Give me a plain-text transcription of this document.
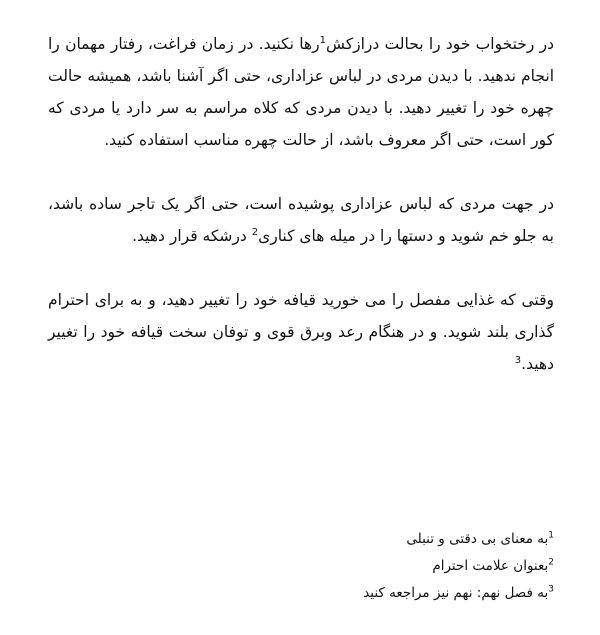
در رختخواب خود را بحالت درازکش$^1$رها نکنید. در زمان فراغت، رفتار مهمان را انجام ندهید. با دیدن مردی در لباس عزاداری، حتی اگر آشنا باشد، همیشه حالت چهره خود را تغییر دهید. با دیدن مردی که کلاه مراسم به سر دارد یا مردی که کور است، حتی اگر معروف باشد، از حالت چهره مناسب استفاده کنید.

در جهت مردی که لباس عزاداری پوشیده است، حتی اگر یک تاجر ساده باشد، به جلو خم شوید و دستها را در میله های کناری$^2$ درشکه قرار دهید.

وقتی که غذایی مفصل را می خورید قیافه خود را تغییر دهید، و به برای احترام گذاری بلند شوید. و در هنگام رعد وبرق قوی و توفان سخت قیافه خود را تغییر دهید.$^3$

$^1$به معنای بی دقتی و تنبلی
$^2$بعنوان علامت احترام
$^3$به فصل نهم: نهم نیز مراجعه کنید
